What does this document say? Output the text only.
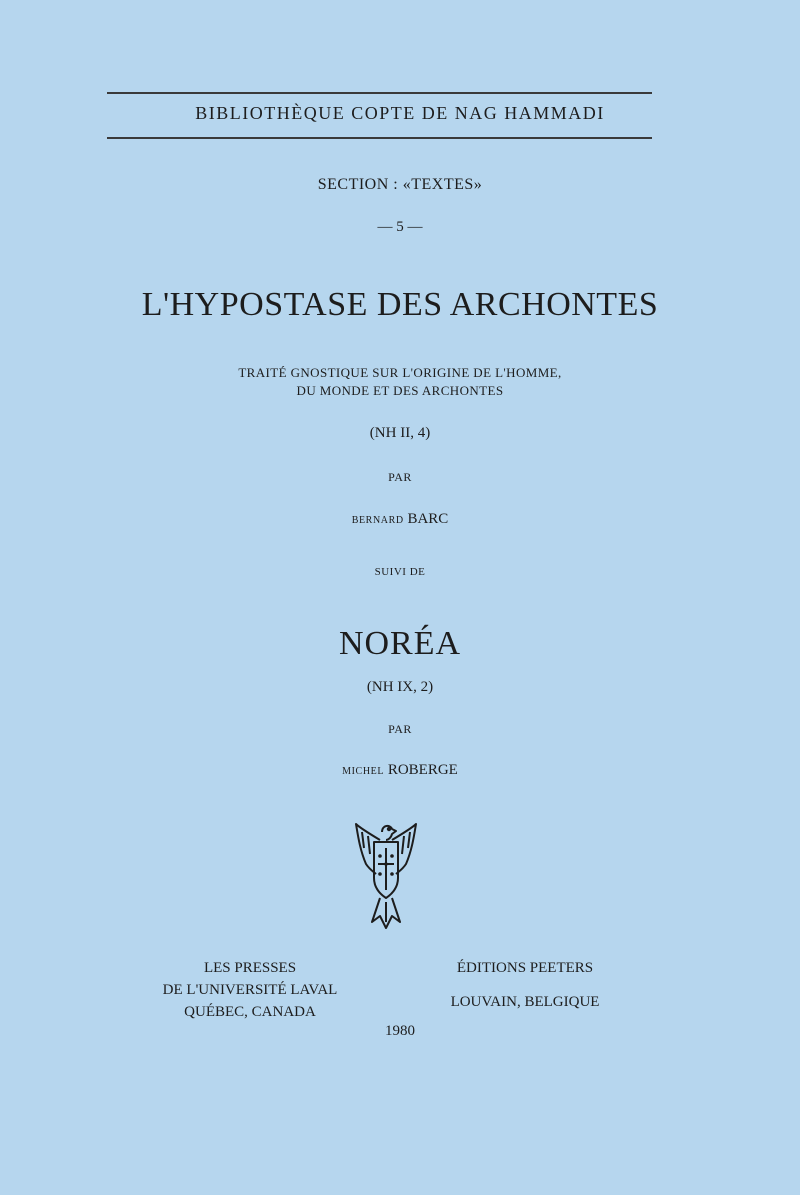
BIBLIOTHÈQUE COPTE DE NAG HAMMADI
SECTION : «TEXTES»
— 5 —
L'HYPOSTASE DES ARCHONTES
TRAITÉ GNOSTIQUE SUR L'ORIGINE DE L'HOMME,
DU MONDE ET DES ARCHONTES
(NH II, 4)
PAR
BERNARD BARC
SUIVI DE
NORÉA
(NH IX, 2)
PAR
MICHEL ROBERGE
LES PRESSES
DE L'UNIVERSITÉ LAVAL
QUÉBEC, CANADA
ÉDITIONS PEETERS
LOUVAIN, BELGIQUE
1980
